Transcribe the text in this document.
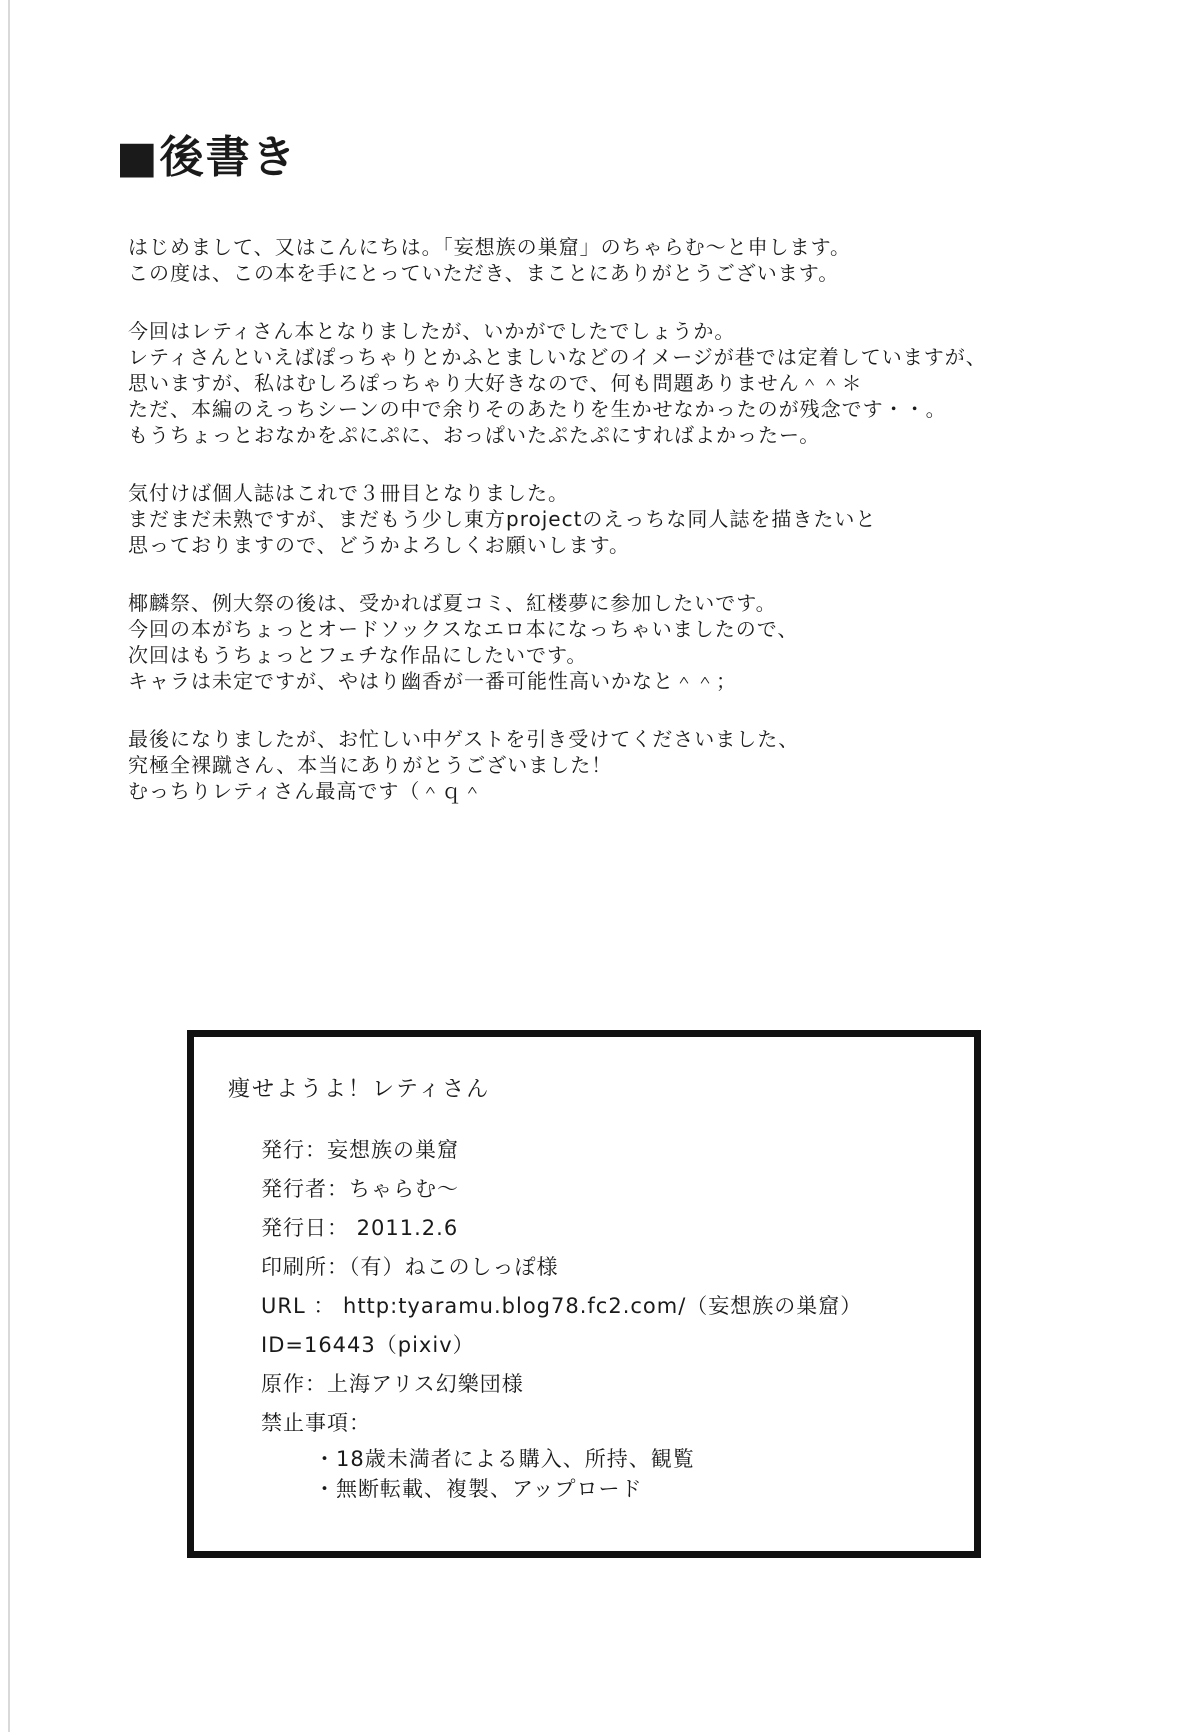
■後書き
はじめまして、又はこんにちは。「妄想族の巣窟」のちゃらむ〜と申します。
この度は、この本を手にとっていただき、まことにありがとうございます。
今回はレティさん本となりましたが、いかがでしたでしょうか。
レティさんといえばぽっちゃりとかふとましいなどのイメージが巷では定着していますが、
思いますが、私はむしろぽっちゃり大好きなので、何も問題ありません＾＾＊
ただ、本編のえっちシーンの中で余りそのあたりを生かせなかったのが残念です・・。
もうちょっとおなかをぷにぷに、おっぱいたぷたぷにすればよかったー。
気付けば個人誌はこれで３冊目となりました。
まだまだ未熟ですが、まだもう少し東方projectのえっちな同人誌を描きたいと
思っておりますので、どうかよろしくお願いします。
椰麟祭、例大祭の後は、受かれば夏コミ、紅楼夢に参加したいです。
今回の本がちょっとオードソックスなエロ本になっちゃいましたので、
次回はもうちょっとフェチな作品にしたいです。
キャラは未定ですが、やはり幽香が一番可能性高いかなと＾＾；
最後になりましたが、お忙しい中ゲストを引き受けてくださいました、
究極全裸蹴さん、本当にありがとうございました！
むっちりレティさん最高です（＾ｑ＾
痩せようよ！レティさん
発行：妄想族の巣窟
発行者：ちゃらむ〜
発行日： 2011.2.6
印刷所：（有）ねこのしっぽ様
URL ： http:tyaramu.blog78.fc2.com/（妄想族の巣窟）
ID=16443（pixiv）
原作：上海アリス幻樂団様
禁止事項：
・18歳未満者による購入、所持、観覧
・無断転載、複製、アップロード
